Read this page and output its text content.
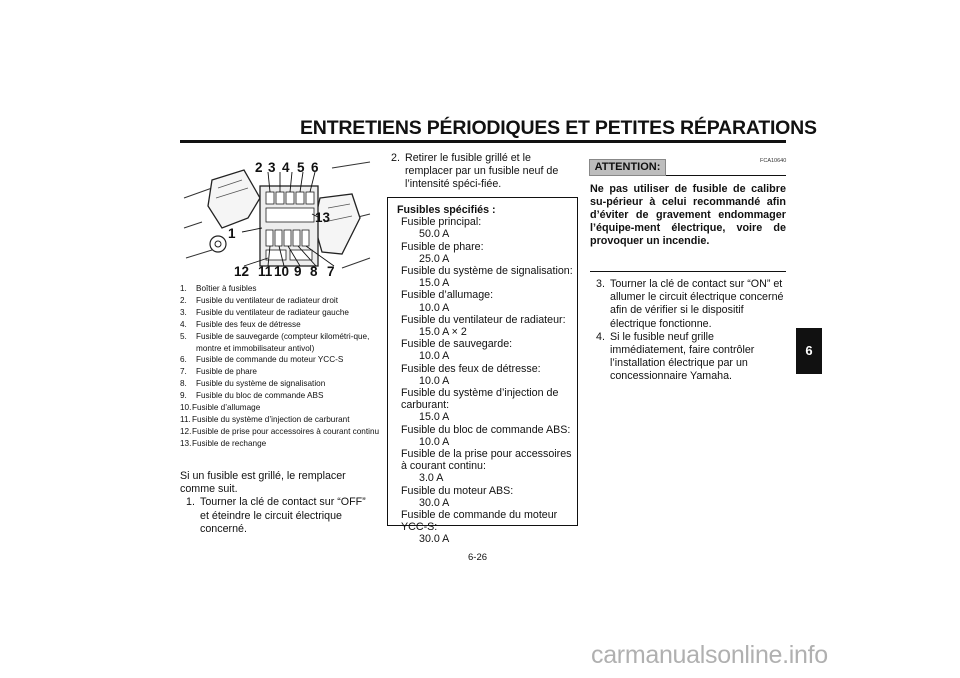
ENTRETIENS PÉRIODIQUES ET PETITES RÉPARATIONS
1
2 3 4 5 6
7
8
9
10
11
12
13
1.	Boîtier à fusibles
2.	Fusible du ventilateur de radiateur droit
3.	Fusible du ventilateur de radiateur gauche
4.	Fusible des feux de détresse
5.	Fusible de sauvegarde (compteur kilométri-que, montre et immobilisateur antivol)
6.	Fusible de commande du moteur YCC-S
7.	Fusible de phare
8.	Fusible du système de signalisation
9.	Fusible du bloc de commande ABS
10. Fusible d’allumage
11. Fusible du système d’injection de carburant
12. Fusible de prise pour accessoires à courant continu
13. Fusible de rechange
Si un fusible est grillé, le remplacer comme suit.
1. Tourner la clé de contact sur “OFF” et éteindre le circuit électrique concerné.
2. Retirer le fusible grillé et le remplacer par un fusible neuf de l’intensité spéci-fiée.
Fusibles spécifiés :
Fusible principal:
50.0 A
Fusible de phare:
25.0 A
Fusible du système de signalisation:
15.0 A
Fusible d’allumage:
10.0 A
Fusible du ventilateur de radiateur:
15.0 A × 2
Fusible de sauvegarde:
10.0 A
Fusible des feux de détresse:
10.0 A
Fusible du système d’injection de carburant:
15.0 A
Fusible du bloc de commande ABS:
10.0 A
Fusible de la prise pour accessoires à courant continu:
3.0 A
Fusible du moteur ABS:
30.0 A
Fusible de commande du moteur YCC-S:
30.0 A
ATTENTION:	FCA10640
Ne pas utiliser de fusible de calibre su-périeur à celui recommandé afin d’éviter de gravement endommager l’équipe-ment électrique, voire de provoquer un incendie.
3. Tourner la clé de contact sur “ON” et allumer le circuit électrique concerné afin de vérifier si le dispositif électrique fonctionne.
4. Si le fusible neuf grille immédiatement, faire contrôler l’installation électrique par un concessionnaire Yamaha.
6
6-26
carmanualsonline.info
